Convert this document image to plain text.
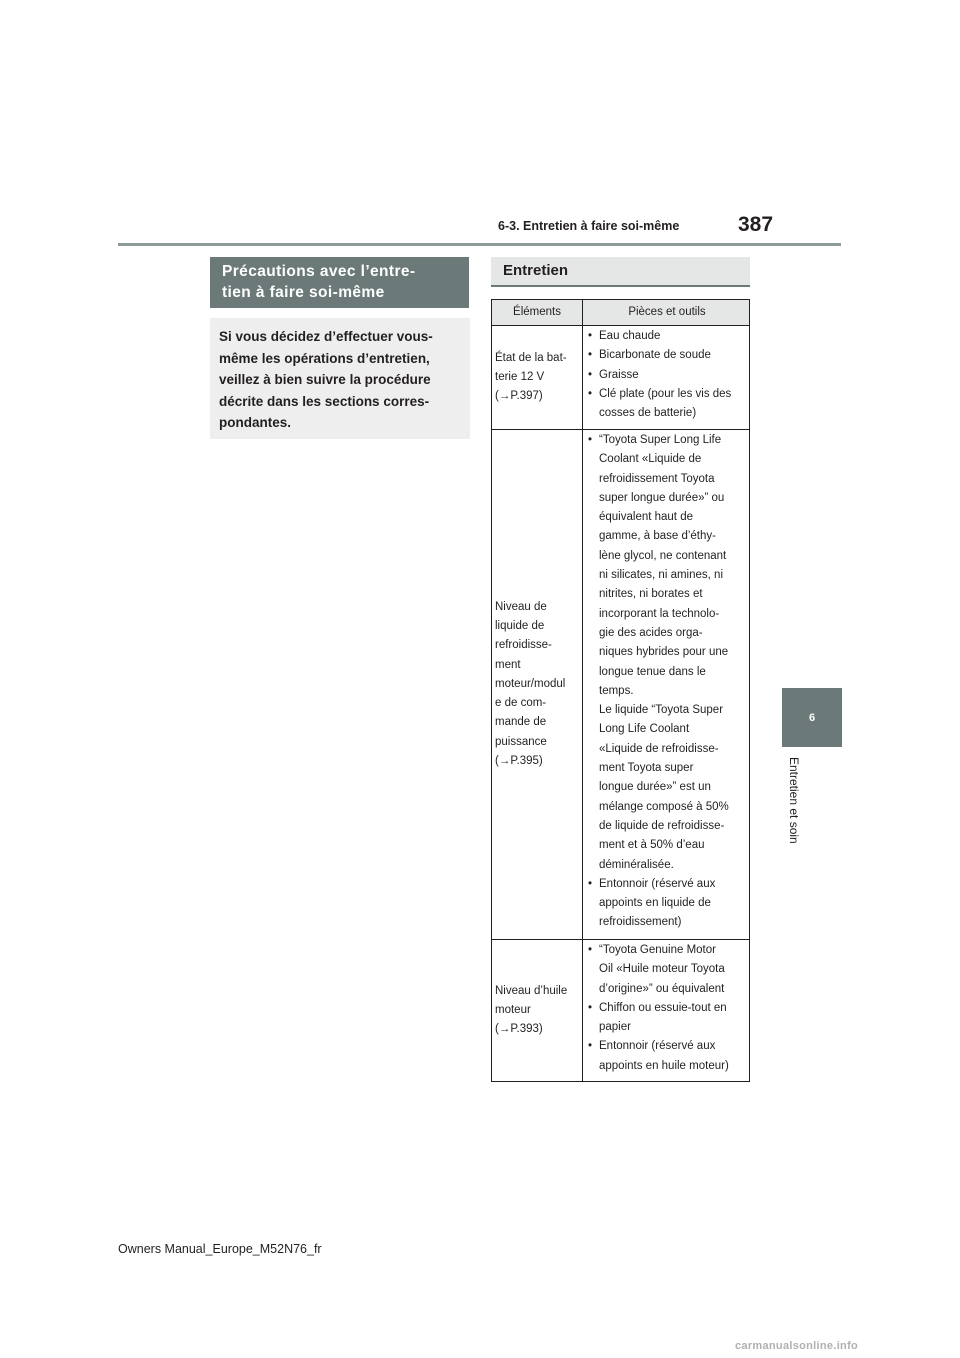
6-3. Entretien à faire soi-même	387
6
Entretien et soin
Précautions avec l’entre-
tien à faire soi-même
Si vous décidez d’effectuer vous-
même les opérations d’entretien,
veillez à bien suivre la procédure
décrite dans les sections corres-
pondantes.
Entretien
Éléments	Pièces et outils
État de la bat-
terie 12 V
(→P.397)
• Eau chaude
• Bicarbonate de soude
• Graisse
• Clé plate (pour les vis des
cosses de batterie)
Niveau de
liquide de
refroidisse-
ment
moteur/modul
e de com-
mande de
puissance
(→P.395)
• “Toyota Super Long Life
Coolant «Liquide de
refroidissement Toyota
super longue durée»” ou
équivalent haut de
gamme, à base d’éthy-
lène glycol, ne contenant
ni silicates, ni amines, ni
nitrites, ni borates et
incorporant la technolo-
gie des acides orga-
niques hybrides pour une
longue tenue dans le
temps.
Le liquide “Toyota Super
Long Life Coolant
«Liquide de refroidisse-
ment Toyota super
longue durée»” est un
mélange composé à 50%
de liquide de refroidisse-
ment et à 50% d’eau
déminéralisée.
• Entonnoir (réservé aux
appoints en liquide de
refroidissement)
Niveau d’huile
moteur
(→P.393)
• “Toyota Genuine Motor
Oil «Huile moteur Toyota
d’origine»” ou équivalent
• Chiffon ou essuie-tout en
papier
• Entonnoir (réservé aux
appoints en huile moteur)
Owners Manual_Europe_M52N76_fr
carmanualsonline.info
